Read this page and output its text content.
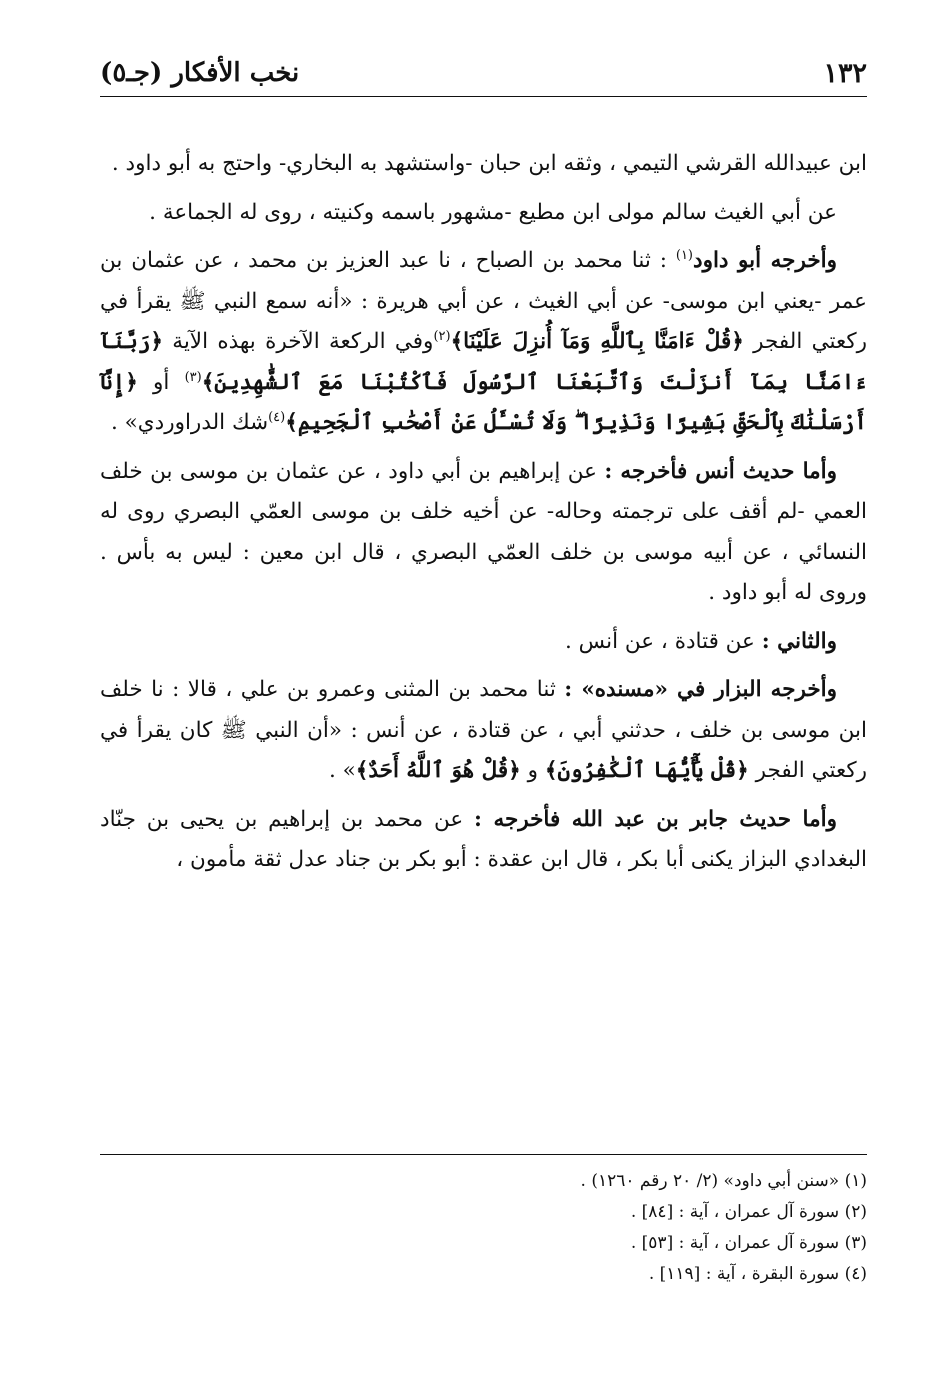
١٣٢
نخب الأفكار (جـ٥)

ابن عبيدالله القرشي التيمي ، وثقه ابن حبان -واستشهد به البخاري- واحتج به أبو داود .

عن أبي الغيث سالم مولى ابن مطيع -مشهور باسمه وكنيته ، روى له الجماعة .

وأخرجه أبو داود$^{(١)}$ : ثنا محمد بن الصباح ، نا عبد العزيز بن محمد ، عن عثمان بن عمر -يعني ابن موسى- عن أبي الغيث ، عن أبي هريرة : «أنه سمع النبي ﷺ يقرأ في ركعتي الفجر ﴿قُلْ ءَامَنَّا بِٱللَّهِ وَمَآ أُنزِلَ عَلَيْنَا﴾$^{(٢)}$وفي الركعة الآخرة بهذه الآية ﴿رَبَّنَآ ءَامَنَّا بِمَآ أَنزَلْتَ وَٱتَّبَعْنَا ٱلرَّسُولَ فَٱكْتُبْنَا مَعَ ٱلشَّٰهِدِينَ﴾$^{(٣)}$ أو ﴿إِنَّآ أَرْسَلْنَٰكَ بِٱلْحَقِّ بَشِيرًا وَنَذِيرًا ۖ وَلَا تُسْـَٔلُ عَنْ أَصْحَٰبِ ٱلْجَحِيمِ﴾$^{(٤)}$شك الدراوردي» .

وأما حديث أنس فأخرجه : عن إبراهيم بن أبي داود ، عن عثمان بن موسى بن خلف العمي -لم أقف على ترجمته وحاله- عن أخيه خلف بن موسى العمّي البصري روى له النسائي ، عن أبيه موسى بن خلف العمّي البصري ، قال ابن معين : ليس به بأس . وروى له أبو داود .

والثاني : عن قتادة ، عن أنس .

وأخرجه البزار في «مسنده» : ثنا محمد بن المثنى وعمرو بن علي ، قالا : نا خلف ابن موسى بن خلف ، حدثني أبي ، عن قتادة ، عن أنس : «أن النبي ﷺ كان يقرأ في ركعتي الفجر ﴿قُلْ يَٰٓأَيُّهَا ٱلْكَٰفِرُونَ﴾ و ﴿قُلْ هُوَ ٱللَّهُ أَحَدٌ﴾» .

وأما حديث جابر بن عبد الله فأخرجه : عن محمد بن إبراهيم بن يحيى بن جنّاد البغدادي البزاز يكنى أبا بكر ، قال ابن عقدة : أبو بكر بن جناد عدل ثقة مأمون ،

(١) «سنن أبي داود» (٢/ ٢٠ رقم ١٢٦٠) .

(٢) سورة آل عمران ، آية : [٨٤] .

(٣) سورة آل عمران ، آية : [٥٣] .

(٤) سورة البقرة ، آية : [١١٩] .
